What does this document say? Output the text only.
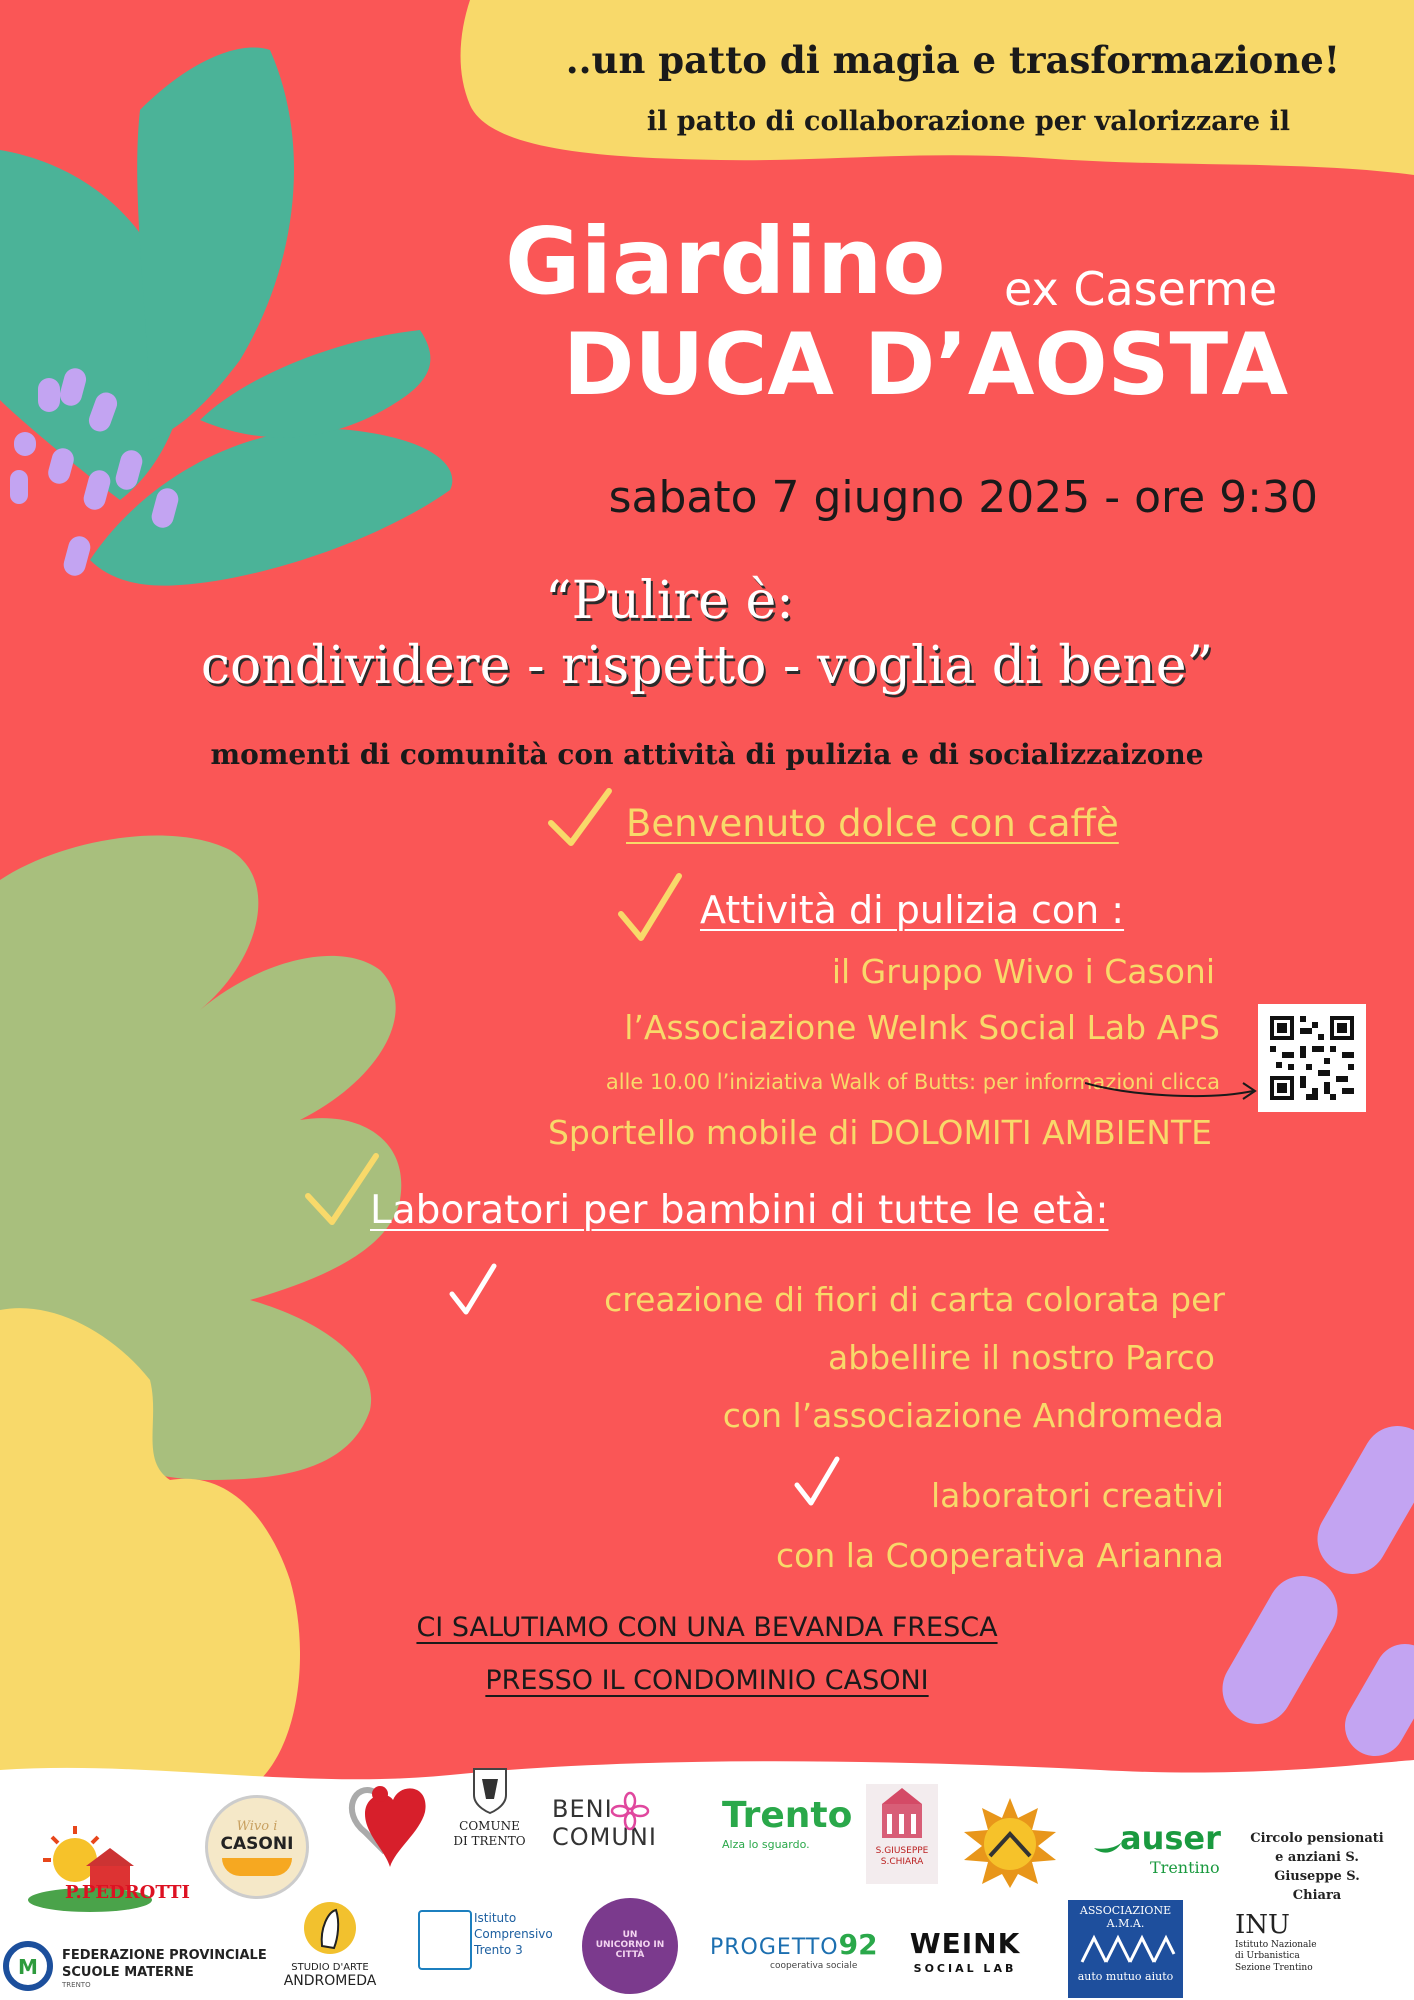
..un patto di magia e trasformazione!
il patto di collaborazione per valorizzare il
Giardino ex Caserme
DUCA D’AOSTA
sabato 7 giugno 2025 - ore 9:30
“Pulire è:
condividere - rispetto - voglia di bene”
momenti di comunità con attività di pulizia e di socializzaizone
Benvenuto dolce con caffè
Attività di pulizia con :
il Gruppo Wivo i Casoni
l’Associazione WeInk Social Lab APS
alle 10.00 l’iniziativa Walk of Butts: per informazioni clicca
Sportello mobile di DOLOMITI AMBIENTE
Laboratori per bambini di tutte le età:
creazione di fiori di carta colorata per
abbellire il nostro Parco
con l’associazione Andromeda
laboratori creativi
con la Cooperativa Arianna
CI SALUTIAMO CON UNA BEVANDA FRESCA
PRESSO IL CONDOMINIO CASONI
P.PEDROTTI
Wivo i
CASONI
COMUNE
DI TRENTO
BENI
COMUNI
Trento
Alza lo sguardo.	S.GIUSEPPE
S.CHIARA
auser
Trentino
Circolo pensionati e anziani S. Giuseppe S. Chiara
M FEDERAZIONE PROVINCIALE
SCUOLE MATERNE
TRENTO
STUDIO D'ARTE
ANDROMEDA
Istituto
Comprensivo
Trento 3
UN UNICORNO IN CITTÀ	PROGETTO92
cooperativa sociale
WEINK
SOCIAL LAB
ASSOCIAZIONE
A.M.A.
auto mutuo aiuto
INU
Istituto Nazionale
di Urbanistica
Sezione Trentino
